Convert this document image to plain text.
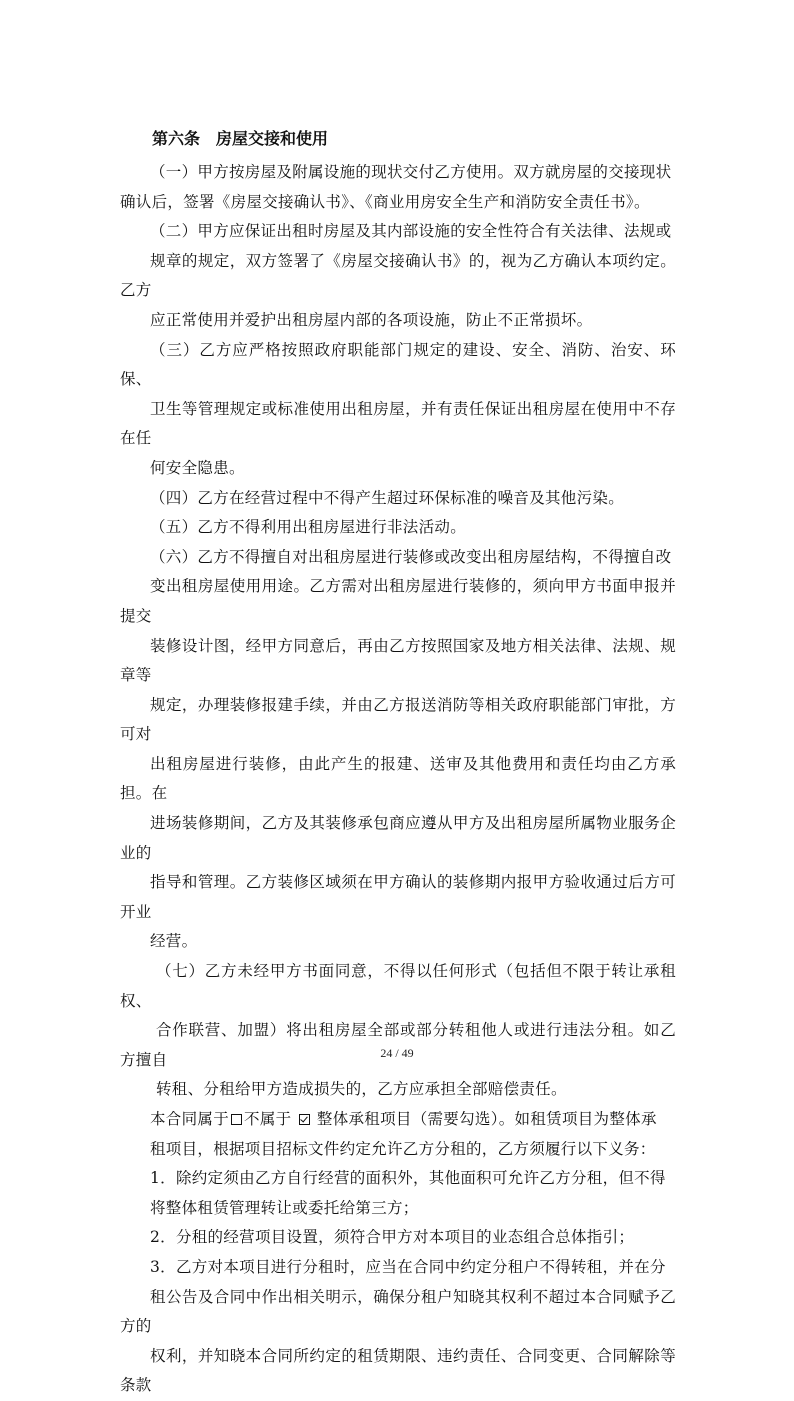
第六条　房屋交接和使用

（一）甲方按房屋及附属设施的现状交付乙方使用。双方就房屋的交接现状
确认后，签署《房屋交接确认书》、《商业用房安全生产和消防安全责任书》。

（二）甲方应保证出租时房屋及其内部设施的安全性符合有关法律、法规或
规章的规定，双方签署了《房屋交接确认书》的，视为乙方确认本项约定。乙方
应正常使用并爱护出租房屋内部的各项设施，防止不正常损坏。

（三）乙方应严格按照政府职能部门规定的建设、安全、消防、治安、环保、
卫生等管理规定或标准使用出租房屋，并有责任保证出租房屋在使用中不存在任
何安全隐患。

（四）乙方在经营过程中不得产生超过环保标准的噪音及其他污染。

（五）乙方不得利用出租房屋进行非法活动。

（六）乙方不得擅自对出租房屋进行装修或改变出租房屋结构，不得擅自改
变出租房屋使用用途。乙方需对出租房屋进行装修的，须向甲方书面申报并提交
装修设计图，经甲方同意后，再由乙方按照国家及地方相关法律、法规、规章等
规定，办理装修报建手续，并由乙方报送消防等相关政府职能部门审批，方可对
出租房屋进行装修，由此产生的报建、送审及其他费用和责任均由乙方承担。在
进场装修期间，乙方及其装修承包商应遵从甲方及出租房屋所属物业服务企业的
指导和管理。乙方装修区域须在甲方确认的装修期内报甲方验收通过后方可开业
经营。

（七）乙方未经甲方书面同意，不得以任何形式（包括但不限于转让承租权、
合作联营、加盟）将出租房屋全部或部分转租他人或进行违法分租。如乙方擅自
转租、分租给甲方造成损失的，乙方应承担全部赔偿责任。

本合同属于 不属于 整体承租项目（需要勾选）。如租赁项目为整体承
租项目，根据项目招标文件约定允许乙方分租的，乙方须履行以下义务：

1．除约定须由乙方自行经营的面积外，其他面积可允许乙方分租，但不得
将整体租赁管理转让或委托给第三方；

2．分租的经营项目设置，须符合甲方对本项目的业态组合总体指引；

3．乙方对本项目进行分租时，应当在合同中约定分租户不得转租，并在分
租公告及合同中作出相关明示，确保分租户知晓其权利不超过本合同赋予乙方的
权利，并知晓本合同所约定的租赁期限、违约责任、合同变更、合同解除等条款

24 / 49
